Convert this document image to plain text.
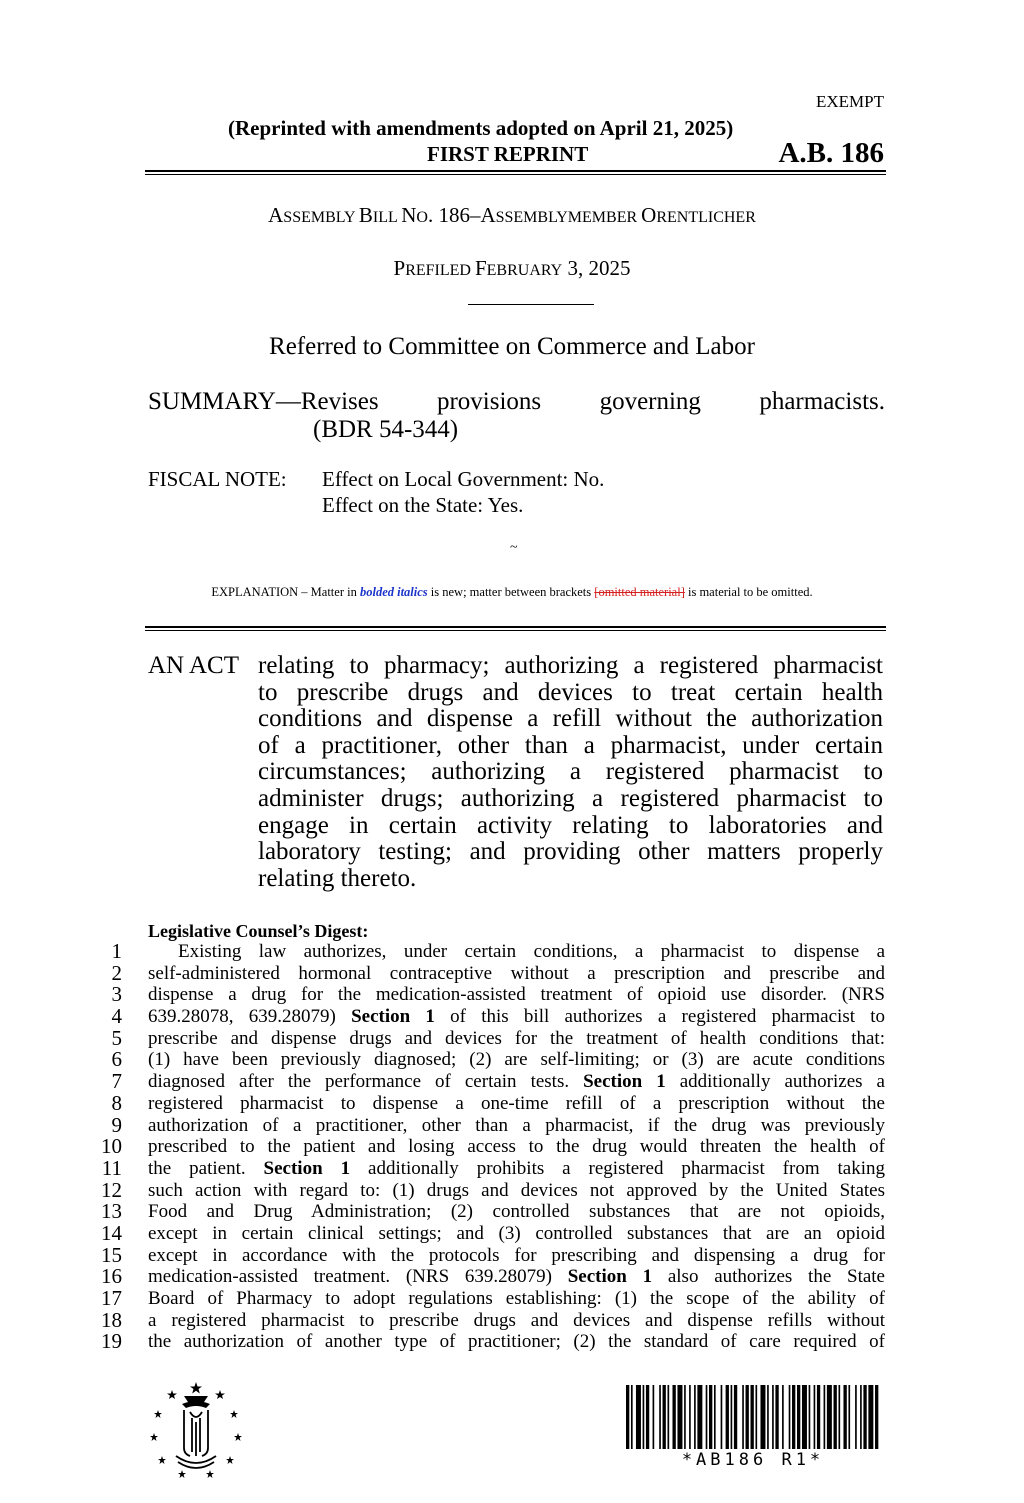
EXEMPT
(Reprinted with amendments adopted on April 21, 2025)
FIRST REPRINT	A.B. 186
ASSEMBLY BILL NO. 186–ASSEMBLYMEMBER ORENTLICHER
PREFILED FEBRUARY 3, 2025
Referred to Committee on Commerce and Labor
SUMMARY—Revises provisions governing pharmacists.
(BDR 54-344)
FISCAL NOTE:	Effect on Local Government: No.
Effect on the State: Yes.
~
EXPLANATION – Matter in bolded italics is new; matter between brackets [omitted material] is material to be omitted.
AN ACT relating to pharmacy; authorizing a registered pharmacist
to prescribe drugs and devices to treat certain health
conditions and dispense a refill without the authorization
of a practitioner, other than a pharmacist, under certain
circumstances; authorizing a registered pharmacist to
administer drugs; authorizing a registered pharmacist to
engage in certain activity relating to laboratories and
laboratory testing; and providing other matters properly
relating thereto.
Legislative Counsel’s Digest:
1	Existing law authorizes, under certain conditions, a pharmacist to dispense a
2 self-administered hormonal contraceptive without a prescription and prescribe and
3 dispense a drug for the medication-assisted treatment of opioid use disorder. (NRS
4 639.28078, 639.28079) Section 1 of this bill authorizes a registered pharmacist to
5 prescribe and dispense drugs and devices for the treatment of health conditions that:
6 (1) have been previously diagnosed; (2) are self-limiting; or (3) are acute conditions
7 diagnosed after the performance of certain tests. Section 1 additionally authorizes a
8 registered pharmacist to dispense a one-time refill of a prescription without the
9 authorization of a practitioner, other than a pharmacist, if the drug was previously
10 prescribed to the patient and losing access to the drug would threaten the health of
11 the patient. Section 1 additionally prohibits a registered pharmacist from taking
12 such action with regard to: (1) drugs and devices not approved by the United States
13 Food and Drug Administration; (2) controlled substances that are not opioids,
14 except in certain clinical settings; and (3) controlled substances that are an opioid
15 except in accordance with the protocols for prescribing and dispensing a drug for
16 medication-assisted treatment. (NRS 639.28079) Section 1 also authorizes the State
17 Board of Pharmacy to adopt regulations establishing: (1) the scope of the ability of
18 a registered pharmacist to prescribe drugs and devices and dispense refills without
19 the authorization of another type of practitioner; (2) the standard of care required of
*AB186 R1*
